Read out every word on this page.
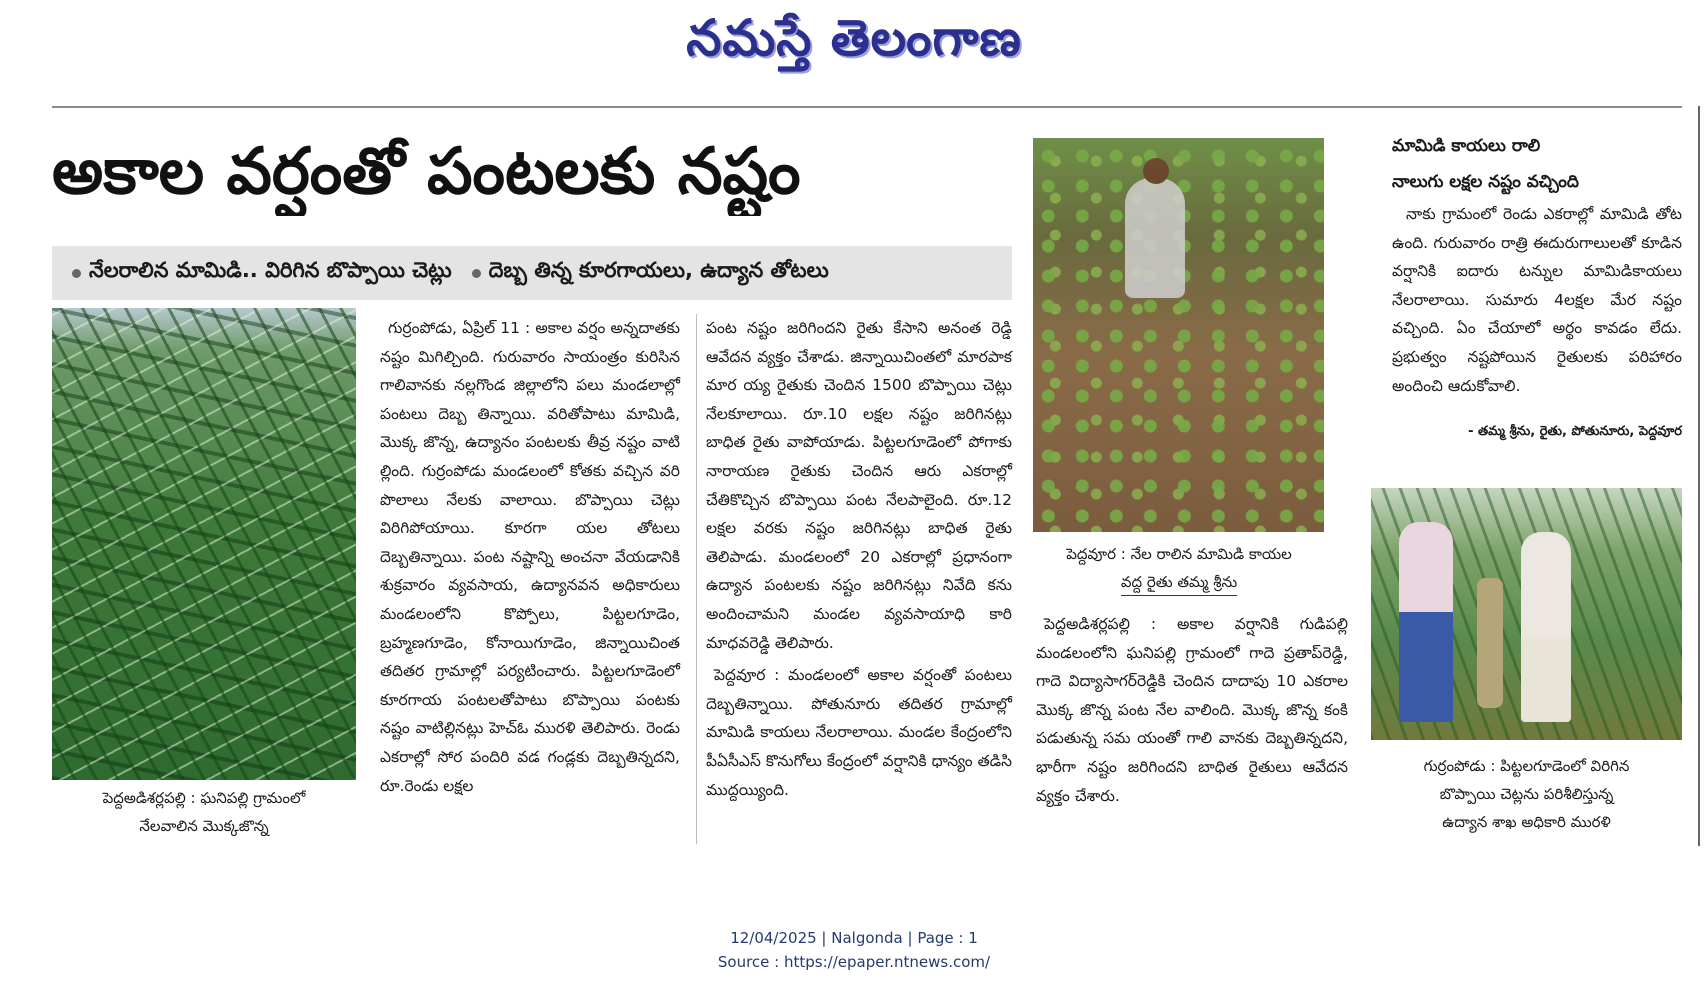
నమస్తే తెలంగాణ
అకాల వర్షంతో పంటలకు నష్టం
నేలరాలిన మామిడి.. విరిగిన బొప్పాయి చెట్లు దెబ్బ తిన్న కూరగాయలు, ఉద్యాన తోటలు
పెద్దఅడిశర్లపల్లి : ఘనిపల్లి గ్రామంలో
నేలవాలిన మొక్కజొన్న

గుర్రంపోడు, ఏప్రిల్ 11 : అకాల వర్షం అన్నదాతకు నష్టం మిగిల్చింది. గురువారం సాయంత్రం కురిసిన గాలివానకు నల్లగొండ జిల్లాలోని పలు మండలాల్లో పంటలు దెబ్బ తిన్నాయి. వరితోపాటు మామిడి, మొక్క జొన్న, ఉద్యానం పంటలకు తీవ్ర నష్టం వాటి ల్లింది. గుర్రంపోడు మండలంలో కోతకు వచ్చిన వరి పొలాలు నేలకు వాలాయి. బొప్పాయి చెట్లు విరిగిపోయాయి. కూరగా యల తోటలు దెబ్బతిన్నాయి. పంట నష్టాన్ని అంచనా వేయడానికి శుక్రవారం వ్యవసాయ, ఉద్యానవన అధికారులు మండలంలోని కొప్పోలు, పిట్టలగూడెం, బ్రహ్మణగూడెం, కోనాయిగూడెం, జిన్నాయిచింత తదితర గ్రామాల్లో పర్యటించారు. పిట్టలగూడెంలో కూరగాయ పంటలతోపాటు బొప్పాయి పంటకు నష్టం వాటిల్లినట్లు హెచ్ఓ మురళి తెలిపారు. రెండు ఎకరాల్లో సోర పందిరి వడ గండ్లకు దెబ్బతిన్నదని, రూ.రెండు లక్షల

పంట నష్టం జరిగిందని రైతు కేసాని అనంత రెడ్డి ఆవేదన వ్యక్తం చేశాడు. జిన్నాయిచింతలో మారపాక మార య్య రైతుకు చెందిన 1500 బొప్పాయి చెట్లు నేలకూలాయి. రూ.10 లక్షల నష్టం జరిగినట్లు బాధిత రైతు వాపోయాడు. పిట్టలగూడెంలో పోగాకు నారాయణ రైతుకు చెందిన ఆరు ఎకరాల్లో చేతికొచ్చిన బొప్పాయి పంట నేలపాలైంది. రూ.12 లక్షల వరకు నష్టం జరిగినట్లు బాధిత రైతు తెలిపాడు. మండలంలో 20 ఎకరాల్లో ప్రధానంగా ఉద్యాన పంటలకు నష్టం జరిగినట్లు నివేది కను అందించామని మండల వ్యవసాయాధి కారి మాధవరెడ్డి తెలిపారు.

పెద్దవూర : మండలంలో అకాల వర్షంతో పంటలు దెబ్బతిన్నాయి. పోతునూరు తదితర గ్రామాల్లో మామిడి కాయలు నేలరాలాయి. మండల కేంద్రంలోని పీఏసీఎస్ కొనుగోలు కేంద్రంలో వర్షానికి ధాన్యం తడిసి ముద్దయ్యింది.

పెద్దవూర : నేల రాలిన మామిడి కాయల
వద్ద రైతు తమ్మ శ్రీను

పెద్దఅడిశర్లపల్లి : అకాల వర్షానికి గుడిపల్లి మండలంలోని ఘనిపల్లి గ్రామంలో గాదె ప్రతాప్‌రెడ్డి, గాదె విద్యాసాగర్‌రెడ్డికి చెందిన దాదాపు 10 ఎకరాల మొక్క జొన్న పంట నేల వాలింది. మొక్క జొన్న కంకి పడుతున్న సమ యంతో గాలి వానకు దెబ్బతిన్నదని, భారీగా నష్టం జరిగిందని బాధిత రైతులు ఆవేదన వ్యక్తం చేశారు.

మామిడి కాయలు రాలి
నాలుగు లక్షల నష్టం వచ్చింది

నాకు గ్రామంలో రెండు ఎకరాల్లో మామిడి తోట ఉంది. గురువారం రాత్రి ఈదురుగాలులతో కూడిన వర్షానికి ఐదారు టన్నుల మామిడికాయలు నేలరాలాయి. సుమారు 4లక్షల మేర నష్టం వచ్చింది. ఏం చేయాలో అర్థం కావడం లేదు. ప్రభుత్వం నష్టపోయిన రైతులకు పరిహారం అందించి ఆదుకోవాలి.

- తమ్మ శ్రీను, రైతు, పోతునూరు, పెద్దవూర
గుర్రంపోడు : పిట్టలగూడెంలో విరిగిన
బొప్పాయి చెట్లను పరిశీలిస్తున్న
ఉద్యాన శాఖ అధికారి మురళి
12/04/2025 | Nalgonda | Page : 1
Source : https://epaper.ntnews.com/
